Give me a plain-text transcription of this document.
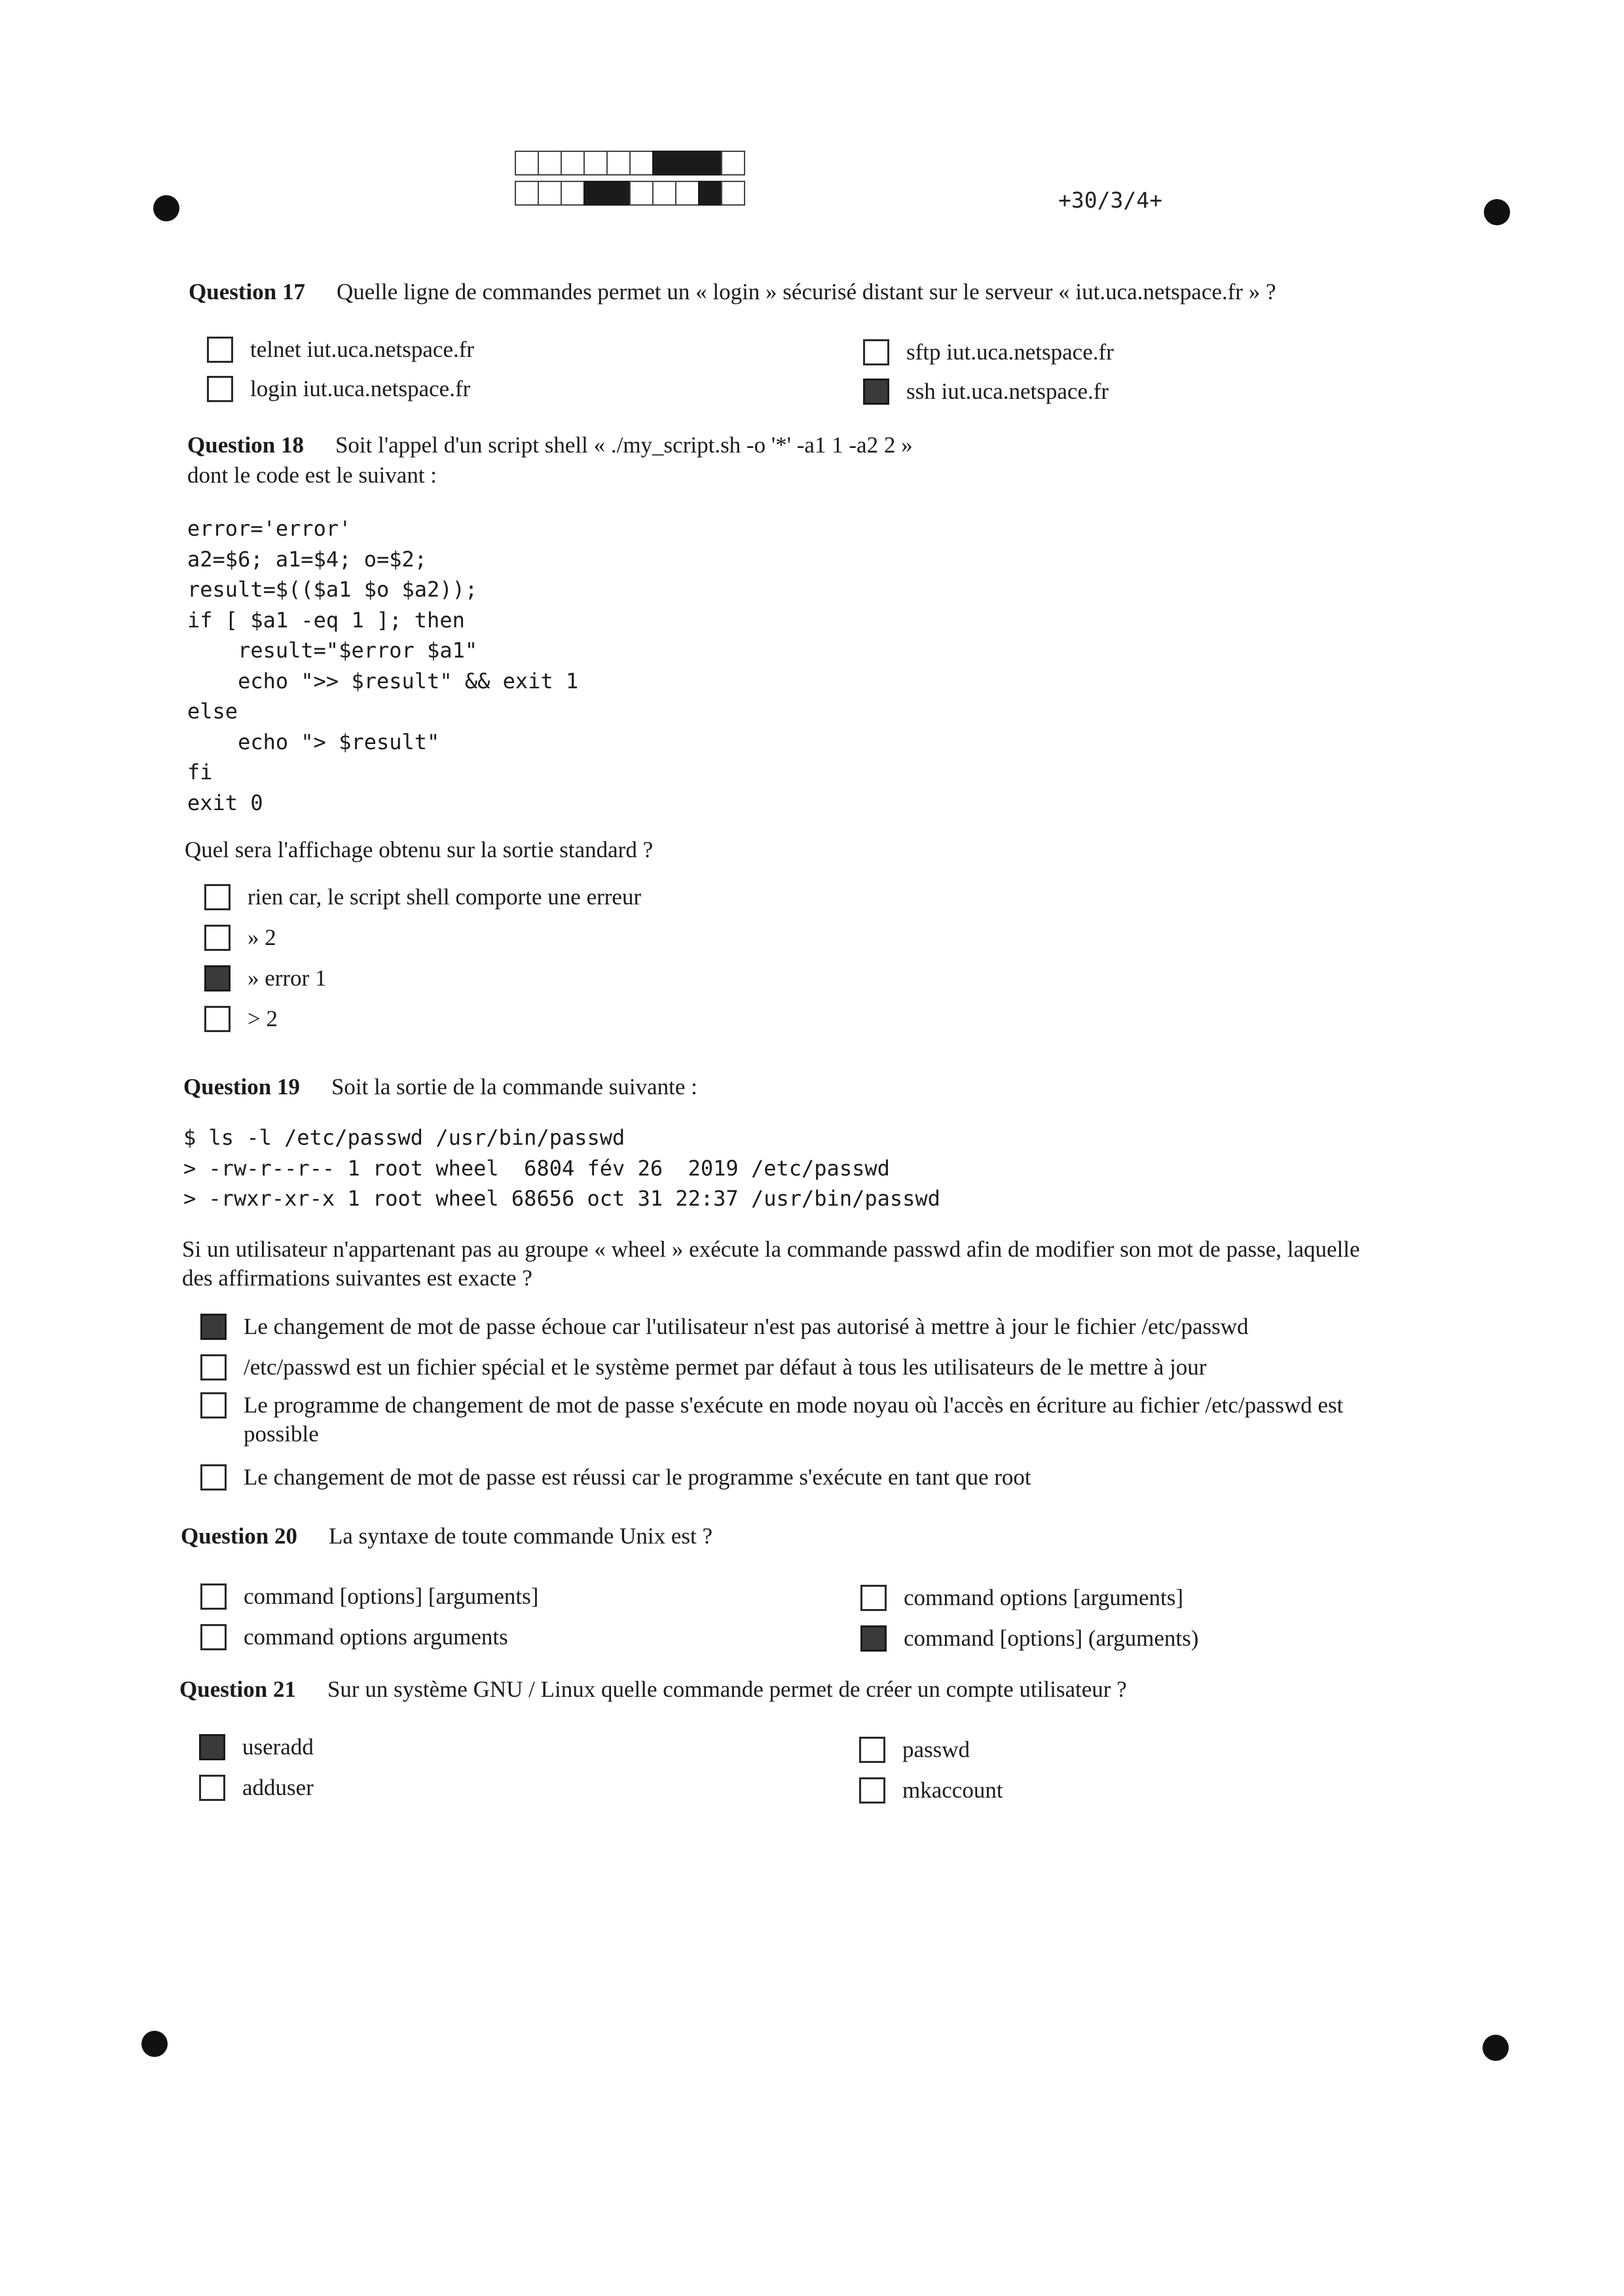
+30/3/4+
Question 17 Quelle ligne de commandes permet un « login » sécurisé distant sur le serveur « iut.uca.netspace.fr » ?
telnet iut.uca.netspace.fr	sftp iut.uca.netspace.fr
login iut.uca.netspace.fr	ssh iut.uca.netspace.fr
Question 18 Soit l'appel d'un script shell « ./my_script.sh -o '*' -a1 1 -a2 2 »
dont le code est le suivant :
error='error'
a2=$6; a1=$4; o=$2;
result=$(($a1 $o $a2));
if [ $a1 -eq 1 ]; then
result="$error $a1"
echo ">> $result" && exit 1
else
echo "> $result"
fi
exit 0
Quel sera l'affichage obtenu sur la sortie standard ?
rien car, le script shell comporte une erreur
» 2
» error 1
> 2
Question 19 Soit la sortie de la commande suivante :
$ ls -l /etc/passwd /usr/bin/passwd
> -rw-r--r-- 1 root wheel  6804 fév 26  2019 /etc/passwd
> -rwxr-xr-x 1 root wheel 68656 oct 31 22:37 /usr/bin/passwd
Si un utilisateur n'appartenant pas au groupe « wheel » exécute la commande passwd afin de modifier son mot de passe, laquelle
des affirmations suivantes est exacte ?
Le changement de mot de passe échoue car l'utilisateur n'est pas autorisé à mettre à jour le fichier /etc/passwd
/etc/passwd est un fichier spécial et le système permet par défaut à tous les utilisateurs de le mettre à jour
Le programme de changement de mot de passe s'exécute en mode noyau où l'accès en écriture au fichier /etc/passwd est
possible
Le changement de mot de passe est réussi car le programme s'exécute en tant que root
Question 20 La syntaxe de toute commande Unix est ?
command [options] [arguments]	command options [arguments]
command options arguments	command [options] (arguments)
Question 21 Sur un système GNU / Linux quelle commande permet de créer un compte utilisateur ?
useradd	passwd
adduser	mkaccount
